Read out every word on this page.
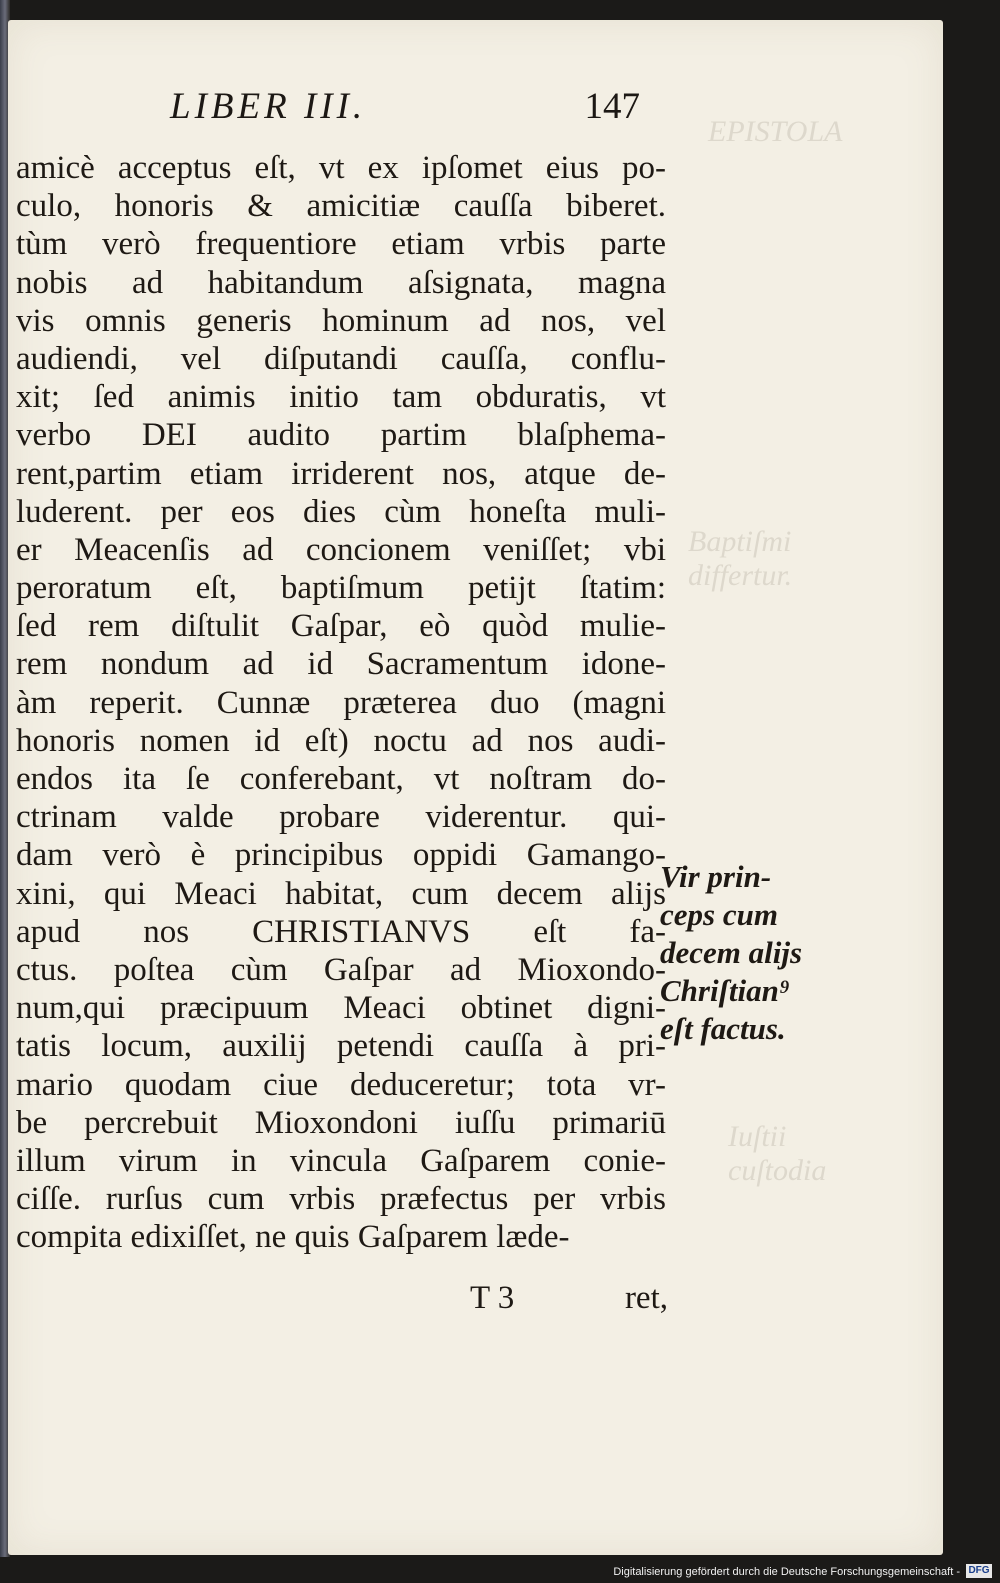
EPISTOLA
Baptiſmi
differtur.
Iuſtii
cuſtodia
LIBER III.	147
amicè acceptus eſt, vt ex ipſomet eius po-
culo, honoris & amicitiæ cauſſa biberet.
tùm verò frequentiore etiam vrbis parte
nobis ad habitandum aſsignata, magna
vis omnis generis hominum ad nos, vel
audiendi, vel diſputandi cauſſa, conflu-
xit; ſed animis initio tam obduratis, vt
verbo DEI audito partim blaſphema-
rent,partim etiam irriderent nos, atque de-
luderent. per eos dies cùm honeſta muli-
er Meacenſis ad concionem veniſſet; vbi
peroratum eſt, baptiſmum petijt ſtatim:
ſed rem diſtulit Gaſpar, eò quòd mulie-
rem nondum ad id Sacramentum idone-
àm reperit. Cunnæ præterea duo (magni
honoris nomen id eſt) noctu ad nos audi-
endos ita ſe conferebant, vt noſtram do-
ctrinam valde probare viderentur. qui-
dam verò è principibus oppidi Gamango-
xini, qui Meaci habitat, cum decem alijs
apud nos CHRISTIANVS eſt fa-
ctus. poſtea cùm Gaſpar ad Mioxondo-
num,qui præcipuum Meaci obtinet digni-
tatis locum, auxilij petendi cauſſa à pri-
mario quodam ciue deduceretur; tota vr-
be percrebuit Mioxondoni iuſſu primariū
illum virum in vincula Gaſparem conie-
ciſſe. rurſus cum vrbis præfectus per vrbis
compita edixiſſet, ne quis Gaſparem læde-
Vir prin-
ceps cum
decem alijs
Chriſtian⁹
eſt factus.
T 3	ret,
Digitalisierung gefördert durch die Deutsche Forschungsgemeinschaft - DFG
